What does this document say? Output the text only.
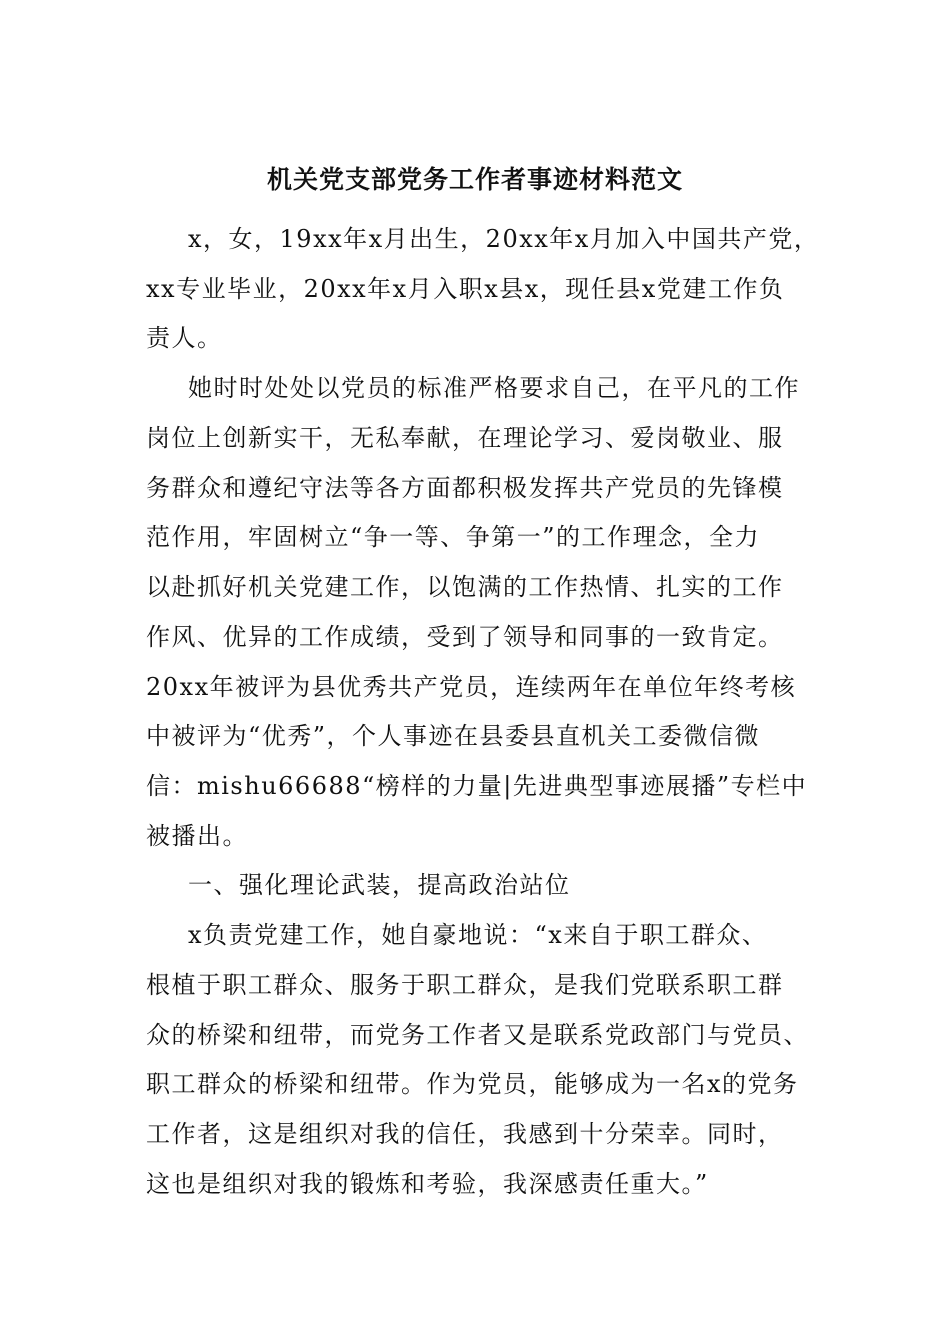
机关党支部党务工作者事迹材料范文
x，女，19xx年x月出生，20xx年x月加入中国共产党，
xx专业毕业，20xx年x月入职x县x，现任县x党建工作负
责人。
她时时处处以党员的标准严格要求自己，在平凡的工作
岗位上创新实干，无私奉献，在理论学习、爱岗敬业、服
务群众和遵纪守法等各方面都积极发挥共产党员的先锋模
范作用，牢固树立“争一等、争第一”的工作理念，全力
以赴抓好机关党建工作，以饱满的工作热情、扎实的工作
作风、优异的工作成绩，受到了领导和同事的一致肯定。
20xx年被评为县优秀共产党员，连续两年在单位年终考核
中被评为“优秀”，个人事迹在县委县直机关工委微信微
信：mishu66688“榜样的力量|先进典型事迹展播”专栏中
被播出。
一、强化理论武装，提高政治站位
x负责党建工作，她自豪地说：“x来自于职工群众、
根植于职工群众、服务于职工群众，是我们党联系职工群
众的桥梁和纽带，而党务工作者又是联系党政部门与党员、
职工群众的桥梁和纽带。作为党员，能够成为一名x的党务
工作者，这是组织对我的信任，我感到十分荣幸。同时，
这也是组织对我的锻炼和考验，我深感责任重大。”
